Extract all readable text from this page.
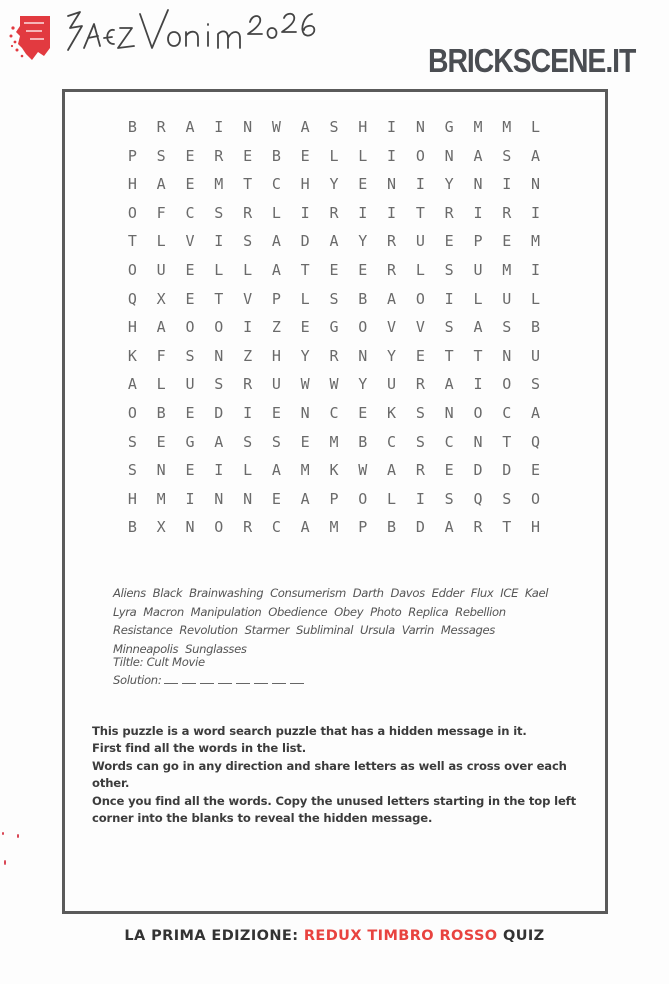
BRICKSCENE.IT
B	R	A	I	N	W	A	S	H	I	N	G	M	M	L
P	S	E	R	E	B	E	L	L	I	O	N	A	S	A
H	A	E	M	T	C	H	Y	E	N	I	Y	N	I	N
O	F	C	S	R	L	I	R	I	I	T	R	I	R	I
T	L	V	I	S	A	D	A	Y	R	U	E	P	E	M
O	U	E	L	L	A	T	E	E	R	L	S	U	M	I
Q	X	E	T	V	P	L	S	B	A	O	I	L	U	L
H	A	O	O	I	Z	E	G	O	V	V	S	A	S	B
K	F	S	N	Z	H	Y	R	N	Y	E	T	T	N	U
A	L	U	S	R	U	W	W	Y	U	R	A	I	O	S
O	B	E	D	I	E	N	C	E	K	S	N	O	C	A
S	E	G	A	S	S	E	M	B	C	S	C	N	T	Q
S	N	E	I	L	A	M	K	W	A	R	E	D	D	E
H	M	I	N	N	E	A	P	O	L	I	S	Q	S	O
B	X	N	O	R	C	A	M	P	B	D	A	R	T	H
Aliens Black Brainwashing Consumerism Darth Davos Edder Flux ICE Kael Lyra Macron Manipulation Obedience Obey Photo Replica Rebellion Resistance Revolution Starmer Subliminal Ursula Varrin Messages Minneapolis Sunglasses
Tiltle: Cult Movie
Solution:

This puzzle is a word search puzzle that has a hidden message in it.

First find all the words in the list.

Words can go in any direction and share letters as well as cross over each other.

Once you find all the words. Copy the unused letters starting in the top left corner into the blanks to reveal the hidden message.

LA PRIMA EDIZIONE: REDUX TIMBRO ROSSO QUIZ
